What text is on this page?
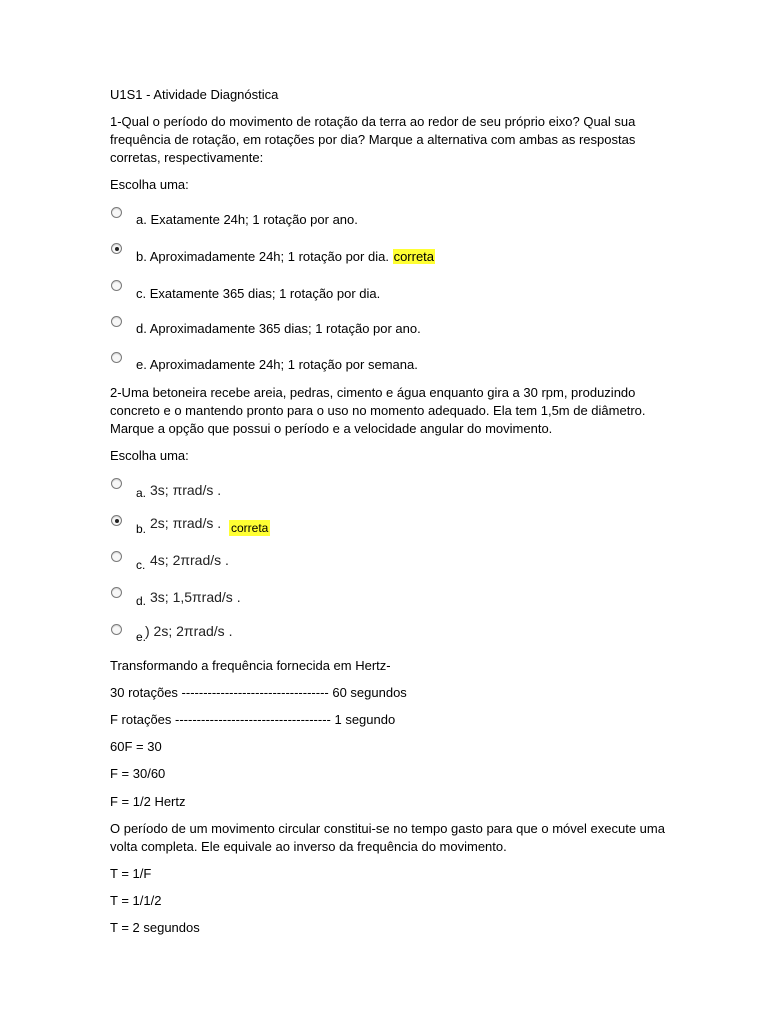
U1S1 - Atividade Diagnóstica
1-Qual o período do movimento de rotação da terra ao redor de seu próprio eixo? Qual sua frequência de rotação, em rotações por dia? Marque a alternativa com ambas as respostas corretas, respectivamente:
Escolha uma:
a. Exatamente 24h; 1 rotação por ano.
b. Aproximadamente 24h; 1 rotação por dia. correta
c. Exatamente 365 dias; 1 rotação por dia.
d. Aproximadamente 365 dias; 1 rotação por ano.
e. Aproximadamente 24h; 1 rotação por semana.
2-Uma betoneira recebe areia, pedras, cimento e água enquanto gira a 30 rpm, produzindo concreto e o mantendo pronto para o uso no momento adequado. Ela tem 1,5m de diâmetro. Marque a opção que possui o período e a velocidade angular do movimento.
Escolha uma:
a. 3s; πrad/s .
b. 2s; πrad/s . correta
c. 4s; 2πrad/s .
d. 3s; 1,5πrad/s .
e.
) 2s; 2πrad/s .
Transformando a frequência fornecida em Hertz-
30 rotações ---------------------------------- 60 segundos
F rotações ------------------------------------ 1 segundo
60F = 30
F = 30/60
F = 1/2 Hertz
O período de um movimento circular constitui-se no tempo gasto para que o móvel execute uma volta completa. Ele equivale ao inverso da frequência do movimento.
T = 1/F
T = 1/1/2
T = 2 segundos
